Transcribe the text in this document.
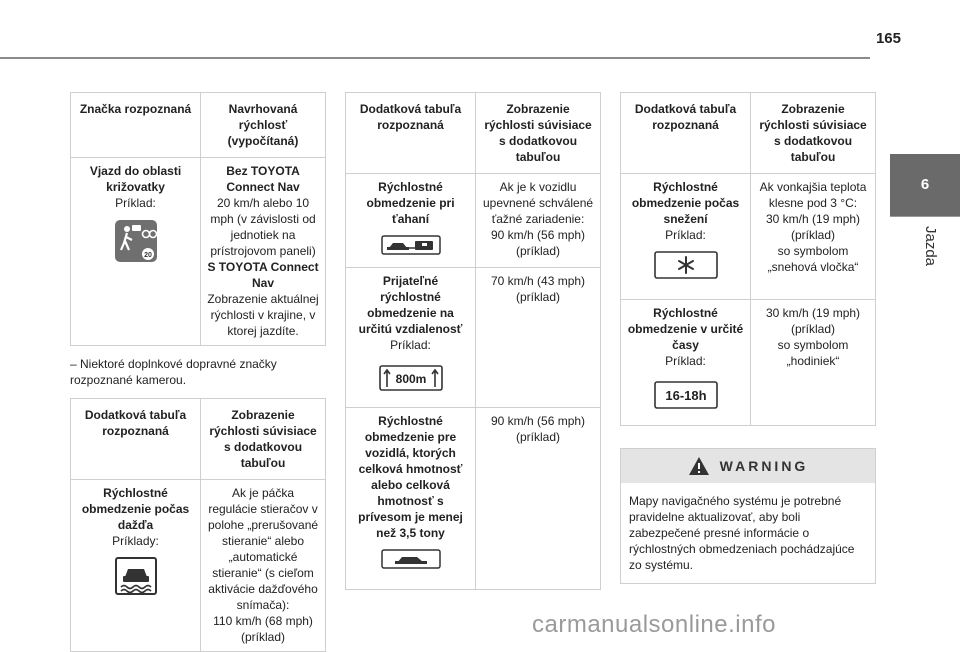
165
6
Jazda
Značka rozpoznaná	Navrhovaná rýchlosť (vypočítaná)

Vjazd do oblasti križovatky
Príklad:
20	Bez TOYOTA Connect Nav
20 km/h alebo 10 mph (v závislosti od jednotiek na prístrojovom paneli)
S TOYOTA Connect Nav
Zobrazenie aktuálnej rýchlosti v krajine, v ktorej jazdíte.
– Niektoré doplnkové dopravné značky rozpoznané kamerou.
Dodatková tabuľa rozpoznaná	Zobrazenie rýchlosti súvisiace s dodatkovou tabuľou

Rýchlostné obmedzenie počas dažďa
Príklady:	Ak je páčka regulácie stieračov v polohe „prerušované stieranie“ alebo „automatické stieranie“ (s cieľom aktivácie dažďového snímača):
110 km/h (68 mph) (príklad)
Dodatková tabuľa rozpoznaná	Zobrazenie rýchlosti súvisiace s dodatkovou tabuľou

Rýchlostné obmedzenie pri ťahaní	Ak je k vozidlu upevnené schválené ťažné zariadenie:
90 km/h (56 mph) (príklad)

Prijateľné rýchlostné obmedzenie na určitú vzdialenosť
Príklad:
800m	70 km/h (43 mph) (príklad)

Rýchlostné obmedzenie pre vozidlá, ktorých celková hmotnosť alebo celková hmotnosť s prívesom je menej než 3,5 tony	90 km/h (56 mph) (príklad)
Dodatková tabuľa rozpoznaná	Zobrazenie rýchlosti súvisiace s dodatkovou tabuľou

Rýchlostné obmedzenie počas snežení
Príklad:	Ak vonkajšia teplota klesne pod 3 °C:
30 km/h (19 mph) (príklad)
so symbolom „snehová vločka“

Rýchlostné obmedzenie v určité časy
Príklad:
16-18h	30 km/h (19 mph) (príklad)
so symbolom „hodiniek“
WARNING
Mapy navigačného systému je potrebné pravidelne aktualizovať, aby boli zabezpečené presné informácie o rýchlostných obmedzeniach pochádzajúce zo systému.
carmanualsonline.info
